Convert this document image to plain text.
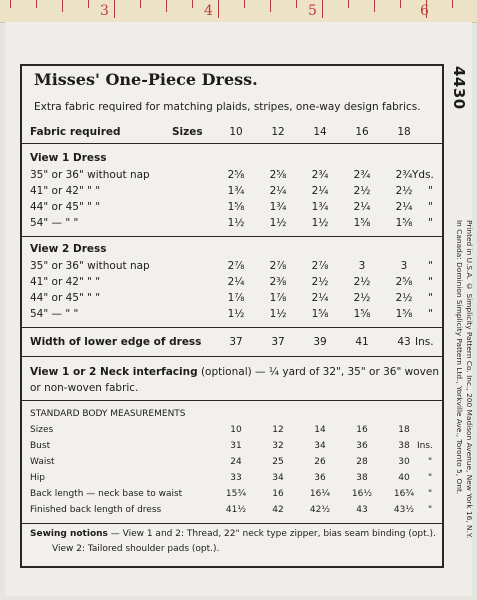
3	4	5	6
4430
Printed in U.S.A. © Simplicity Pattern Co. Inc., 200 Madison Avenue, New York 16, N.Y.
In Canada: Dominion Simplicity Pattern Ltd., Yorkville Ave., Toronto 5, Ont.
Misses' One-Piece Dress.
Extra fabric required for matching plaids, stripes, one-way design fabrics.
Fabric required	Sizes	10	12	14	16	18
View 1 Dress
35" or 36" without nap	2⅝	2⅝	2¾	2¾	2¾ Yds.
41" or 42" " "	1¾	2¼	2¼	2½	2½	"
44" or 45" " "	1⅝	1¾	1¾	2¼	2¼	"
54" — " "	1½	1½	1½	1⅝	1⅝	"
View 2 Dress
35" or 36" without nap	2⅞	2⅞	2⅞	3	3	"
41" or 42" " "	2¼	2⅜	2½	2½	2⅝	"
44" or 45" " "	1⅞	1⅞	2¼	2½	2½	"
54" — " "	1½	1½	1⅝	1⅝	1⅝	"
Width of lower edge of dress	37	37	39	41	43 Ins.
View 1 or 2 Neck interfacing (optional) — ¼ yard of 32", 35" or 36" woven
or non-woven fabric.
STANDARD BODY MEASUREMENTS
Sizes	10	12	14	16	18
Bust	31	32	34	36	38 Ins.
Waist	24	25	26	28	30	"
Hip	33	34	36	38	40	"
Back length — neck base to waist	15¾	16	16¼	16½	16¾	"
Finished back length of dress	41½	42	42½	43	43½	"
Sewing notions — View 1 and 2: Thread, 22" neck type zipper, bias seam binding (opt.).
View 2: Tailored shoulder pads (opt.).
